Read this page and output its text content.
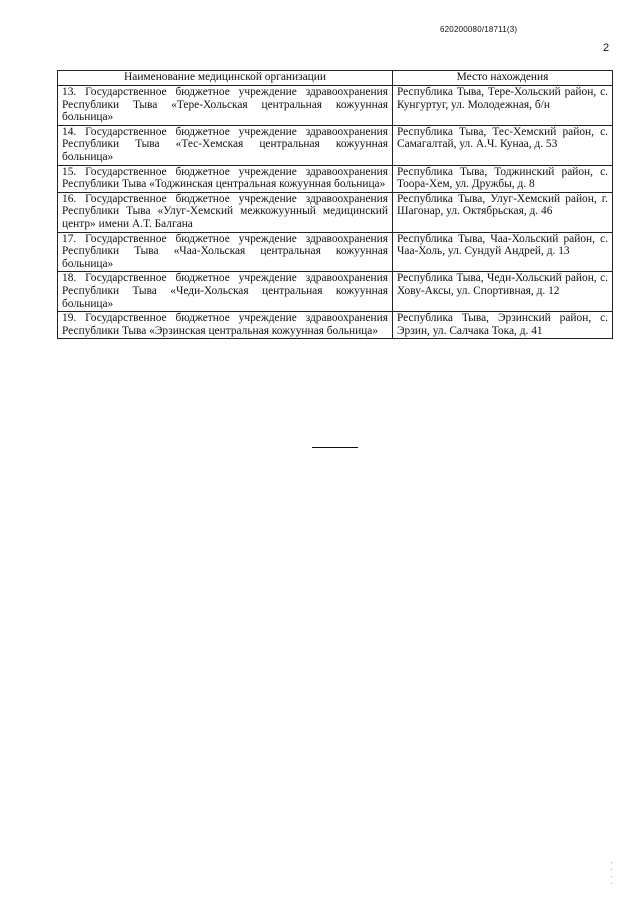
620200080/18711(3)
2
Наименование медицинской организации	Место нахождения
13. Государственное бюджетное учреждение здравоохранения Республики Тыва «Тере-Хольская центральная кожуунная больница»	Республика Тыва, Тере-Хольский район, с. Кунгуртуг, ул. Молодежная, б/н
14. Государственное бюджетное учреждение здравоохранения Республики Тыва «Тес-Хемская центральная кожуунная больница»	Республика Тыва, Тес-Хемский район, с. Самагалтай, ул. А.Ч. Кунаа, д. 53
15. Государственное бюджетное учреждение здравоохранения Республики Тыва «Тоджинская центральная кожуунная больница»	Республика Тыва, Тоджинский район, с. Тоора-Хем, ул. Дружбы, д. 8
16. Государственное бюджетное учреждение здравоохранения Республики Тыва «Улуг-Хемский межкожуунный медицинский центр» имени А.Т. Балгана	Республика Тыва, Улуг-Хемский район, г. Шагонар, ул. Октябрьская, д. 46
17. Государственное бюджетное учреждение здравоохранения Республики Тыва «Чаа-Хольская центральная кожуунная больница»	Республика Тыва, Чаа-Хольский район, с. Чаа-Холь, ул. Сундуй Андрей, д. 13
18. Государственное бюджетное учреждение здравоохранения Республики Тыва «Чеди-Хольская центральная кожуунная больница»	Республика Тыва, Чеди-Хольский район, с. Хову-Аксы, ул. Спортивная, д. 12
19. Государственное бюджетное учреждение здравоохранения Республики Тыва «Эрзинская центральная кожуунная больница»	Республика Тыва, Эрзинский район, с. Эрзин, ул. Салчака Тока, д. 41
